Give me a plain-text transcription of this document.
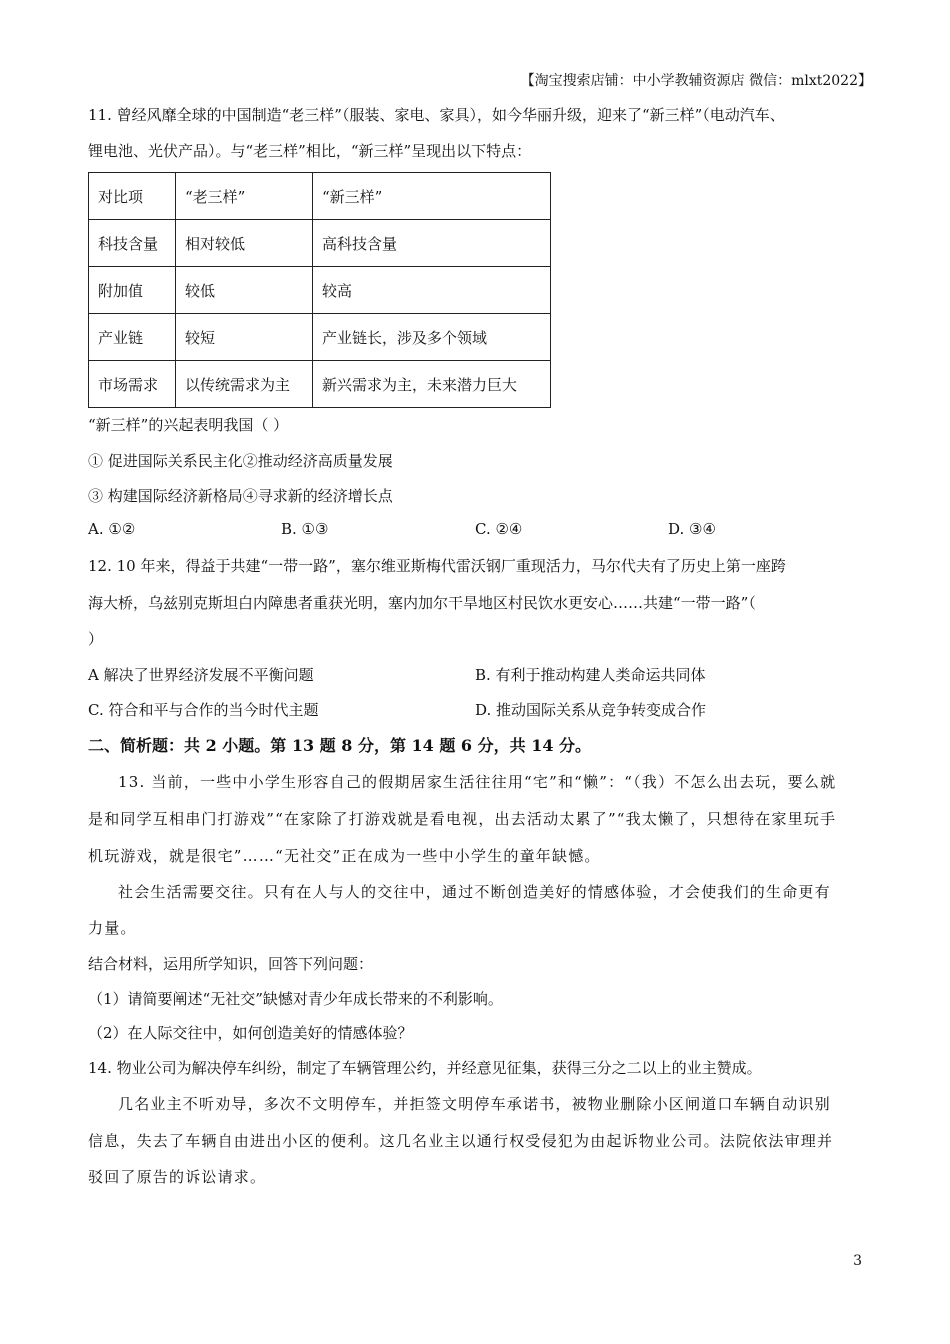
【淘宝搜索店铺：中小学教辅资源店 微信：mlxt2022】
11. 曾经风靡全球的中国制造“老三样”（服装、家电、家具），如今华丽升级，迎来了“新三样”（电动汽车、
锂电池、光伏产品）。与“老三样”相比，“新三样”呈现出以下特点：
对比项	“老三样”	“新三样”
科技含量	相对较低	高科技含量
附加值	较低	较高
产业链	较短	产业链长，涉及多个领域
市场需求	以传统需求为主	新兴需求为主，未来潜力巨大
“新三样”的兴起表明我国（ ）
① 促进国际关系民主化②推动经济高质量发展
③ 构建国际经济新格局④寻求新的经济增长点
A. ①②	B. ①③	C. ②④	D. ③④
12. 10 年来，得益于共建“一带一路”，塞尔维亚斯梅代雷沃钢厂重现活力，马尔代夫有了历史上第一座跨
海大桥，乌兹别克斯坦白内障患者重获光明，塞内加尔干旱地区村民饮水更安心……共建“一带一路”（
）
A 解决了世界经济发展不平衡问题	B. 有利于推动构建人类命运共同体
C. 符合和平与合作的当今时代主题	D. 推动国际关系从竞争转变成合作
二、简析题：共 2 小题。第 13 题 8 分，第 14 题 6 分，共 14 分。
13. 当前，一些中小学生形容自己的假期居家生活往往用“宅”和“懒”：“（我）不怎么出去玩，要么就
是和同学互相串门打游戏”“在家除了打游戏就是看电视，出去活动太累了”“我太懒了，只想待在家里玩手
机玩游戏，就是很宅”……“无社交”正在成为一些中小学生的童年缺憾。
社会生活需要交往。只有在人与人的交往中，通过不断创造美好的情感体验，才会使我们的生命更有
力量。
结合材料，运用所学知识，回答下列问题：
（1）请简要阐述“无社交”缺憾对青少年成长带来的不利影响。
（2）在人际交往中，如何创造美好的情感体验？
14. 物业公司为解决停车纠纷，制定了车辆管理公约，并经意见征集，获得三分之二以上的业主赞成。
几名业主不听劝导，多次不文明停车，并拒签文明停车承诺书，被物业删除小区闸道口车辆自动识别
信息，失去了车辆自由进出小区的便利。这几名业主以通行权受侵犯为由起诉物业公司。法院依法审理并
驳回了原告的诉讼请求。
3
